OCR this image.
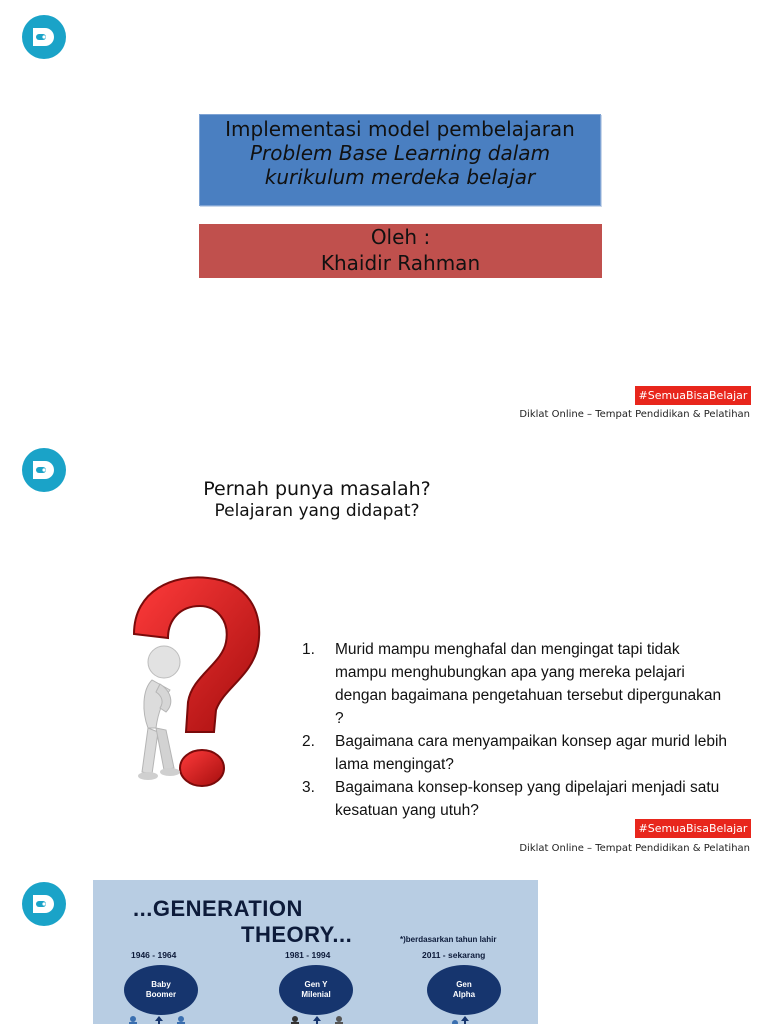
Implementasi model pembelajaran
Problem Base Learning dalam kurikulum merdeka belajar
Oleh :
Khaidir Rahman
#SemuaBisaBelajar
Diklat Online – Tempat Pendidikan & Pelatihan
Pernah punya masalah?
Pelajaran yang didapat?
1. Murid mampu menghafal dan mengingat tapi tidak mampu menghubungkan apa yang mereka pelajari dengan bagaimana pengetahuan tersebut dipergunakan ?
2. Bagaimana cara menyampaikan konsep agar murid lebih lama mengingat?
3. Bagaimana konsep-konsep yang dipelajari menjadi satu kesatuan yang utuh?
#SemuaBisaBelajar
Diklat Online – Tempat Pendidikan & Pelatihan
...GENERATION
THEORY...	*)berdasarkan tahun lahir
1946 - 1964
Baby
Boomer
1981 - 1994
Gen Y
Milenial
2011 - sekarang
Gen
Alpha
